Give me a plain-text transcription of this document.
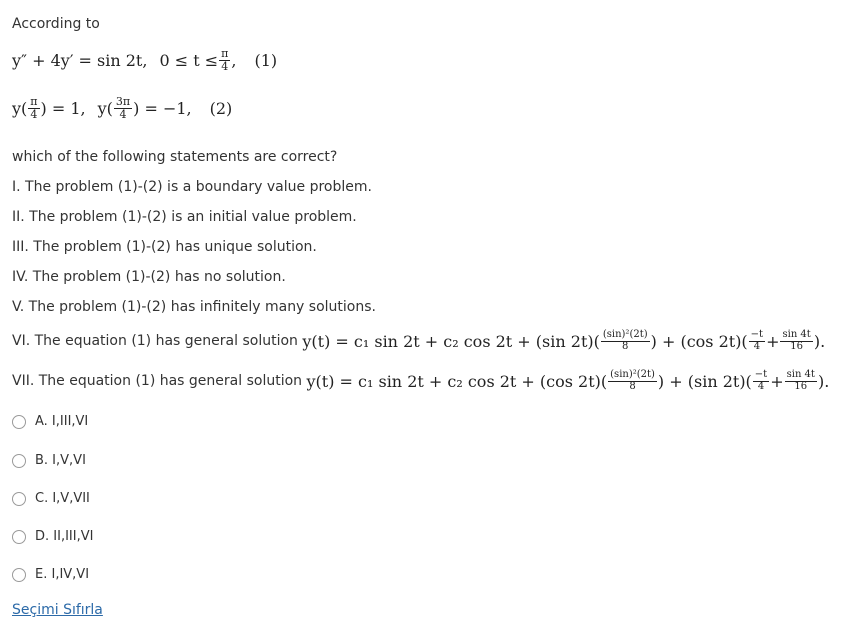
According to
y″ + 4y′ = sin 2t, $0 \le t \le \frac{\pi}{4}$ , (1)
$y( \frac{\pi}{4}$ ) = 1, $y( \frac{3\pi}{4}$ ) = −1, (2)
which of the following statements are correct?
I. The problem (1)-(2) is a boundary value problem.
II. The problem (1)-(2) is an initial value problem.
III. The problem (1)-(2) has unique solution.
IV. The problem (1)-(2) has no solution.
V. The problem (1)-(2) has infinitely many solutions.
VI. The equation (1) has general solution y(t) = c₁ sin 2t + c₂ cos 2t + (sin $2t)( \frac{\text{(sin)²(2t)}}{8}$ ) + (cos $2t)( \frac{-t}{4} + \frac{\sin 4t}{16}$ ).
VII. The equation (1) has general solution y(t) = c₁ sin 2t + c₂ cos 2t + (cos $2t)( \frac{\text{(sin)²(2t)}}{8}$ ) + (sin $2t)( \frac{-t}{4} + \frac{\sin 4t}{16}$ ).
A. I,III,VI
B. I,V,VI
C. I,V,VII
D. II,III,VI
E. I,IV,VI
Seçimi Sıfırla
